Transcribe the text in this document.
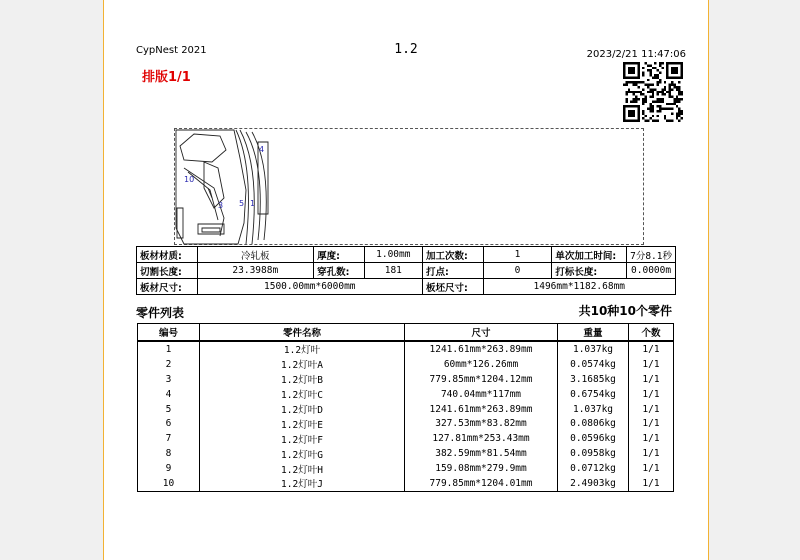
CypNest 2021	1.2	2023/2/21 11:47:06
排版1/1
10
3 5 1
4
板材材质:	冷轧板	厚度:	1.00mm	加工次数:	1	单次加工时间:	7分8.1秒
切割长度:	23.3988m	穿孔数:	181	打点:	0	打标长度:	0.0000m
板材尺寸:	1500.00mm*6000mm			板坯尺寸:	1496mm*1182.68mm		
零件列表	共10种10个零件
编号	零件名称	尺寸	重量	个数
1	1.2灯叶	1241.61mm*263.89mm	1.037kg	1/1
2	1.2灯叶A	60mm*126.26mm	0.0574kg	1/1
3	1.2灯叶B	779.85mm*1204.12mm	3.1685kg	1/1
4	1.2灯叶C	740.04mm*117mm	0.6754kg	1/1
5	1.2灯叶D	1241.61mm*263.89mm	1.037kg	1/1
6	1.2灯叶E	327.53mm*83.82mm	0.0806kg	1/1
7	1.2灯叶F	127.81mm*253.43mm	0.0596kg	1/1
8	1.2灯叶G	382.59mm*81.54mm	0.0958kg	1/1
9	1.2灯叶H	159.08mm*279.9mm	0.0712kg	1/1
10	1.2灯叶J	779.85mm*1204.01mm	2.4903kg	1/1
